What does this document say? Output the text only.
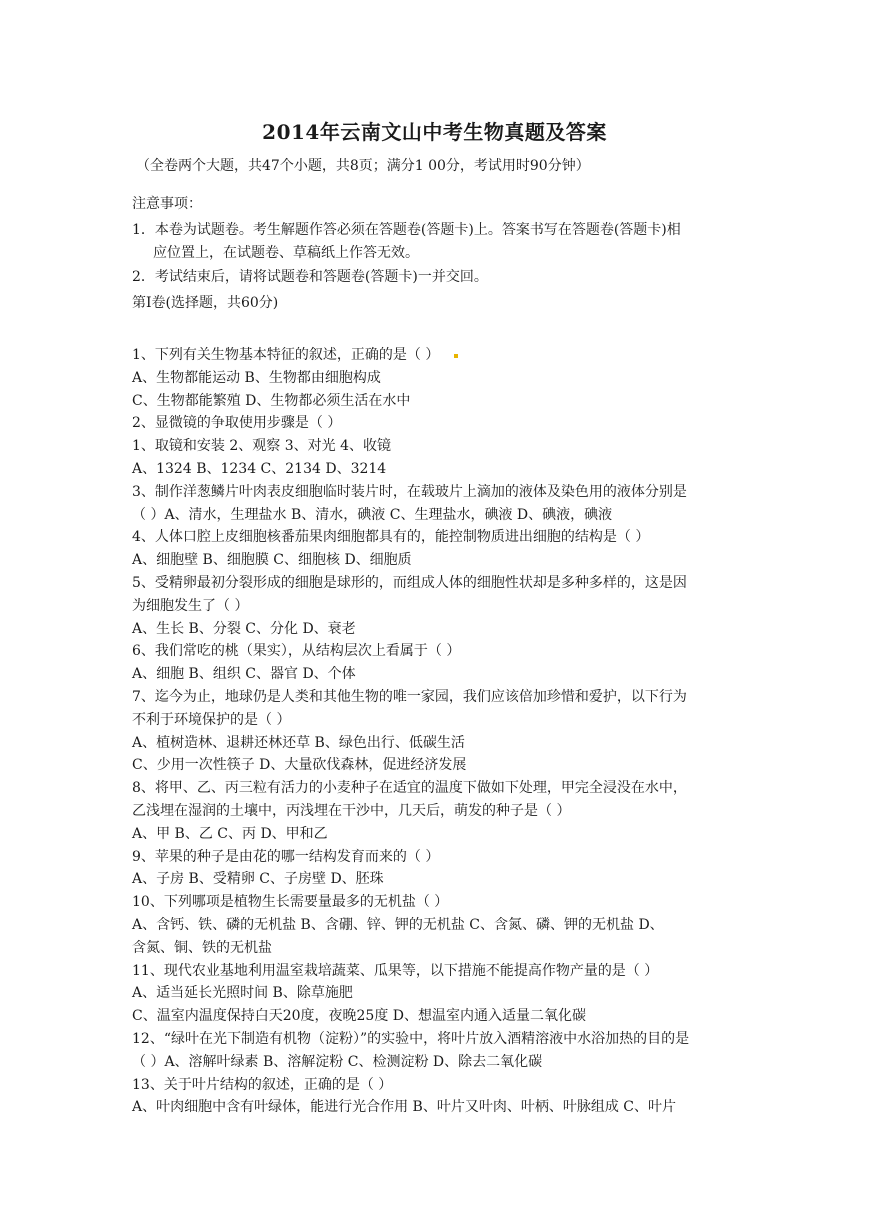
2014年云南文山中考生物真题及答案
（全卷两个大题，共47个小题，共8页；满分1 00分，考试用时90分钟）
注意事项：
1．本卷为试题卷。考生解题作答必须在答题卷(答题卡)上。答案书写在答题卷(答题卡)相
应位置上，在试题卷、草稿纸上作答无效。
2．考试结束后，请将试题卷和答题卷(答题卡)一并交回。
第Ⅰ卷(选择题，共60分)
1、下列有关生物基本特征的叙述，正确的是（ ）
A、生物都能运动 B、生物都由细胞构成
C、生物都能繁殖 D、生物都必须生活在水中
2、显微镜的争取使用步骤是（ ）
1、取镜和安装 2、观察 3、对光 4、收镜
A、1324 B、1234 C、2134 D、3214
3、制作洋葱鳞片叶肉表皮细胞临时装片时，在载玻片上滴加的液体及染色用的液体分别是
（ ）A、清水，生理盐水 B、清水，碘液 C、生理盐水，碘液 D、碘液，碘液
4、人体口腔上皮细胞核番茄果肉细胞都具有的，能控制物质进出细胞的结构是（ ）
A、细胞壁 B、细胞膜 C、细胞核 D、细胞质
5、受精卵最初分裂形成的细胞是球形的，而组成人体的细胞性状却是多种多样的，这是因
为细胞发生了（ ）
A、生长 B、分裂 C、分化 D、衰老
6、我们常吃的桃（果实），从结构层次上看属于（ ）
A、细胞 B、组织 C、器官 D、个体
7、迄今为止，地球仍是人类和其他生物的唯一家园，我们应该倍加珍惜和爱护，以下行为
不利于环境保护的是（ ）
A、植树造林、退耕还林还草 B、绿色出行、低碳生活
C、少用一次性筷子 D、大量砍伐森林，促进经济发展
8、将甲、乙、丙三粒有活力的小麦种子在适宜的温度下做如下处理，甲完全浸没在水中，
乙浅埋在湿润的土壤中，丙浅埋在干沙中，几天后，萌发的种子是（ ）
A、甲 B、乙 C、丙 D、甲和乙
9、苹果的种子是由花的哪一结构发育而来的（ ）
A、子房 B、受精卵 C、子房壁 D、胚珠
10、下列哪项是植物生长需要量最多的无机盐（ ）
A、含钙、铁、磷的无机盐 B、含硼、锌、钾的无机盐 C、含氮、磷、钾的无机盐 D、
含氮、铜、铁的无机盐
11、现代农业基地利用温室栽培蔬菜、瓜果等，以下措施不能提高作物产量的是（ ）
A、适当延长光照时间 B、除草施肥
C、温室内温度保持白天20度，夜晚25度 D、想温室内通入适量二氧化碳
12、“绿叶在光下制造有机物（淀粉）”的实验中，将叶片放入酒精溶液中水浴加热的目的是
（ ）A、溶解叶绿素 B、溶解淀粉 C、检测淀粉 D、除去二氧化碳
13、关于叶片结构的叙述，正确的是（ ）
A、叶肉细胞中含有叶绿体，能进行光合作用 B、叶片又叶肉、叶柄、叶脉组成 C、叶片
